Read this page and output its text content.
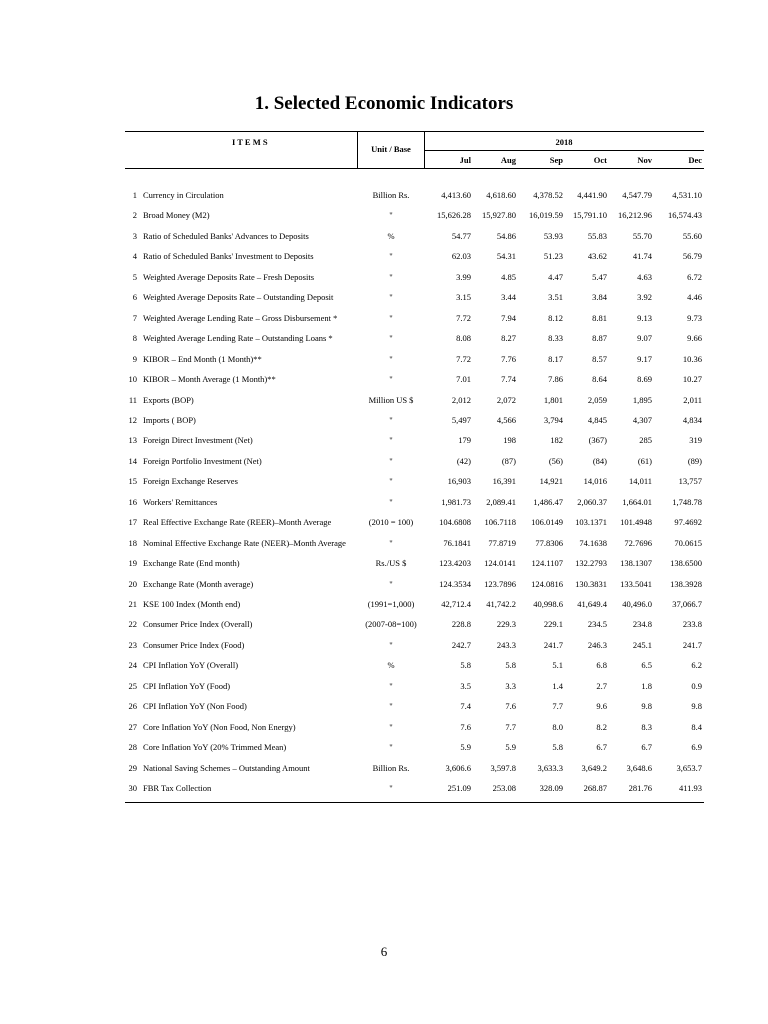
1. Selected Economic Indicators
I T E M S
Unit / Base
2018
Jul	Aug	Sep	Oct	Nov	Dec
1 Currency in Circulation	Billion Rs.	4,413.60	4,618.60	4,378.52	4,441.90	4,547.79	4,531.10
2 Broad Money (M2)	"	15,626.28	15,927.80	16,019.59	15,791.10	16,212.96	16,574.43
3 Ratio of Scheduled Banks' Advances to Deposits	%	54.77	54.86	53.93	55.83	55.70	55.60
4 Ratio of Scheduled Banks' Investment to Deposits	"	62.03	54.31	51.23	43.62	41.74	56.79
5 Weighted Average Deposits Rate – Fresh Deposits	"	3.99	4.85	4.47	5.47	4.63	6.72
6 Weighted Average Deposits Rate – Outstanding Deposit	"	3.15	3.44	3.51	3.84	3.92	4.46
7 Weighted Average Lending Rate – Gross Disbursement *	"	7.72	7.94	8.12	8.81	9.13	9.73
8 Weighted Average Lending Rate – Outstanding Loans *	"	8.08	8.27	8.33	8.87	9.07	9.66
9 KIBOR – End Month (1 Month)**	"	7.72	7.76	8.17	8.57	9.17	10.36
10 KIBOR – Month Average (1 Month)**	"	7.01	7.74	7.86	8.64	8.69	10.27
11 Exports (BOP)	Million US $	2,012	2,072	1,801	2,059	1,895	2,011
12 Imports ( BOP)	"	5,497	4,566	3,794	4,845	4,307	4,834
13 Foreign Direct Investment (Net)	"	179	198	182	(367)	285	319
14 Foreign Portfolio Investment (Net)	"	(42)	(87)	(56)	(84)	(61)	(89)
15 Foreign Exchange Reserves	"	16,903	16,391	14,921	14,016	14,011	13,757
16 Workers' Remittances	"	1,981.73	2,089.41	1,486.47	2,060.37	1,664.01	1,748.78
17 Real Effective Exchange Rate (REER)–Month Average	(2010 = 100)	104.6808	106.7118	106.0149	103.1371	101.4948	97.4692
18 Nominal Effective Exchange Rate (NEER)–Month Average	"	76.1841	77.8719	77.8306	74.1638	72.7696	70.0615
19 Exchange Rate (End month)	Rs./US $	123.4203	124.0141	124.1107	132.2793	138.1307	138.6500
20 Exchange Rate (Month average)	"	124.3534	123.7896	124.0816	130.3831	133.5041	138.3928
21 KSE 100 Index (Month end)	(1991=1,000)	42,712.4	41,742.2	40,998.6	41,649.4	40,496.0	37,066.7
22 Consumer Price Index (Overall)	(2007-08=100)	228.8	229.3	229.1	234.5	234.8	233.8
23 Consumer Price Index (Food)	"	242.7	243.3	241.7	246.3	245.1	241.7
24 CPI Inflation YoY (Overall)	%	5.8	5.8	5.1	6.8	6.5	6.2
25 CPI Inflation YoY (Food)	"	3.5	3.3	1.4	2.7	1.8	0.9
26 CPI Inflation YoY (Non Food)	"	7.4	7.6	7.7	9.6	9.8	9.8
27 Core Inflation YoY (Non Food, Non Energy)	"	7.6	7.7	8.0	8.2	8.3	8.4
28 Core Inflation YoY (20% Trimmed Mean)	"	5.9	5.9	5.8	6.7	6.7	6.9
29 National Saving Schemes – Outstanding Amount	Billion Rs.	3,606.6	3,597.8	3,633.3	3,649.2	3,648.6	3,653.7
30 FBR Tax Collection	"	251.09	253.08	328.09	268.87	281.76	411.93
6
